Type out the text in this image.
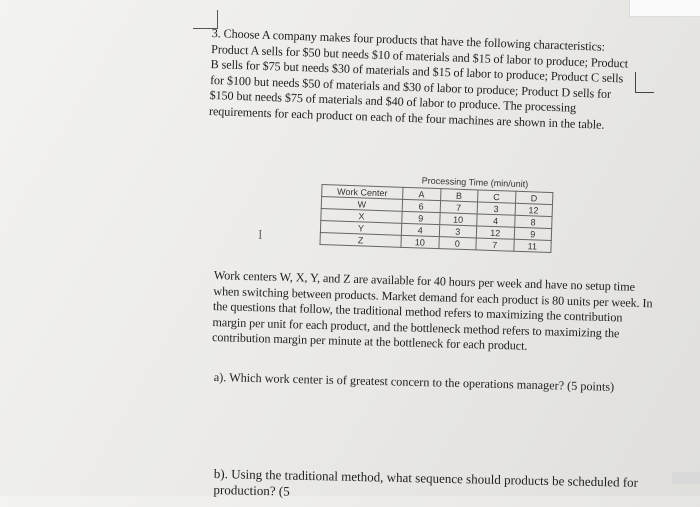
I

3. Choose A company makes four products that have the following characteristics: Product A sells for $50 but needs $10 of materials and $15 of labor to produce; Product B sells for $75 but needs $30 of materials and $15 of labor to produce; Product C sells for $100 but needs $50 of materials and $30 of labor to produce; Product D sells for $150 but needs $75 of materials and $40 of labor to produce. The processing requirements for each product on each of the four machines are shown in the table.

Processing Time (min/unit)
Work Center	A	B	C	D
W	6	7	3	12
X	9	10	4	8
Y	4	3	12	9
Z	10	0	7	11

Work centers W, X, Y, and Z are available for 40 hours per week and have no setup time when switching between products. Market demand for each product is 80 units per week. In the questions that follow, the traditional method refers to maximizing the contribution margin per unit for each product, and the bottleneck method refers to maximizing the contribution margin per minute at the bottleneck for each product.

a). Which work center is of greatest concern to the operations manager? (5 points)
b). Using the traditional method, what sequence should products be scheduled for production? (5
